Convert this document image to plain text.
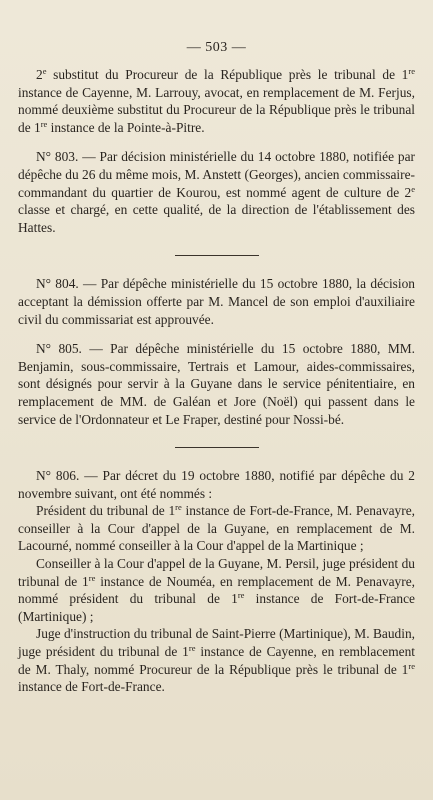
— 503 —

2e substitut du Procureur de la République près le tribunal de 1re instance de Cayenne, M. Larrouy, avocat, en remplacement de M. Ferjus, nommé deuxième substitut du Procureur de la République près le tribunal de 1re instance de la Pointe-à-Pitre.

N° 803. — Par décision ministérielle du 14 octobre 1880, notifiée par dépêche du 26 du même mois, M. Anstett (Georges), ancien commissaire-commandant du quartier de Kourou, est nommé agent de culture de 2e classe et chargé, en cette qualité, de la direction de l'établissement des Hattes.

N° 804. — Par dépêche ministérielle du 15 octobre 1880, la décision acceptant la démission offerte par M. Mancel de son emploi d'auxiliaire civil du commissariat est approuvée.

N° 805. — Par dépêche ministérielle du 15 octobre 1880, MM. Benjamin, sous-commissaire, Tertrais et Lamour, aides-commissaires, sont désignés pour servir à la Guyane dans le service pénitentiaire, en remplacement de MM. de Galéan et Jore (Noël) qui passent dans le service de l'Ordonnateur et Le Fraper, destiné pour Nossi-bé.

N° 806. — Par décret du 19 octobre 1880, notifié par dépêche du 2 novembre suivant, ont été nommés :

Président du tribunal de 1re instance de Fort-de-France, M. Penavayre, conseiller à la Cour d'appel de la Guyane, en remplacement de M. Lacourné, nommé conseiller à la Cour d'appel de la Martinique ;

Conseiller à la Cour d'appel de la Guyane, M. Persil, juge président du tribunal de 1re instance de Nouméa, en remplacement de M. Penavayre, nommé président du tribunal de 1re instance de Fort-de-France (Martinique) ;

Juge d'instruction du tribunal de Saint-Pierre (Martinique), M. Baudin, juge président du tribunal de 1re instance de Cayenne, en remblacement de M. Thaly, nommé Procureur de la République près le tribunal de 1re instance de Fort-de-France.
